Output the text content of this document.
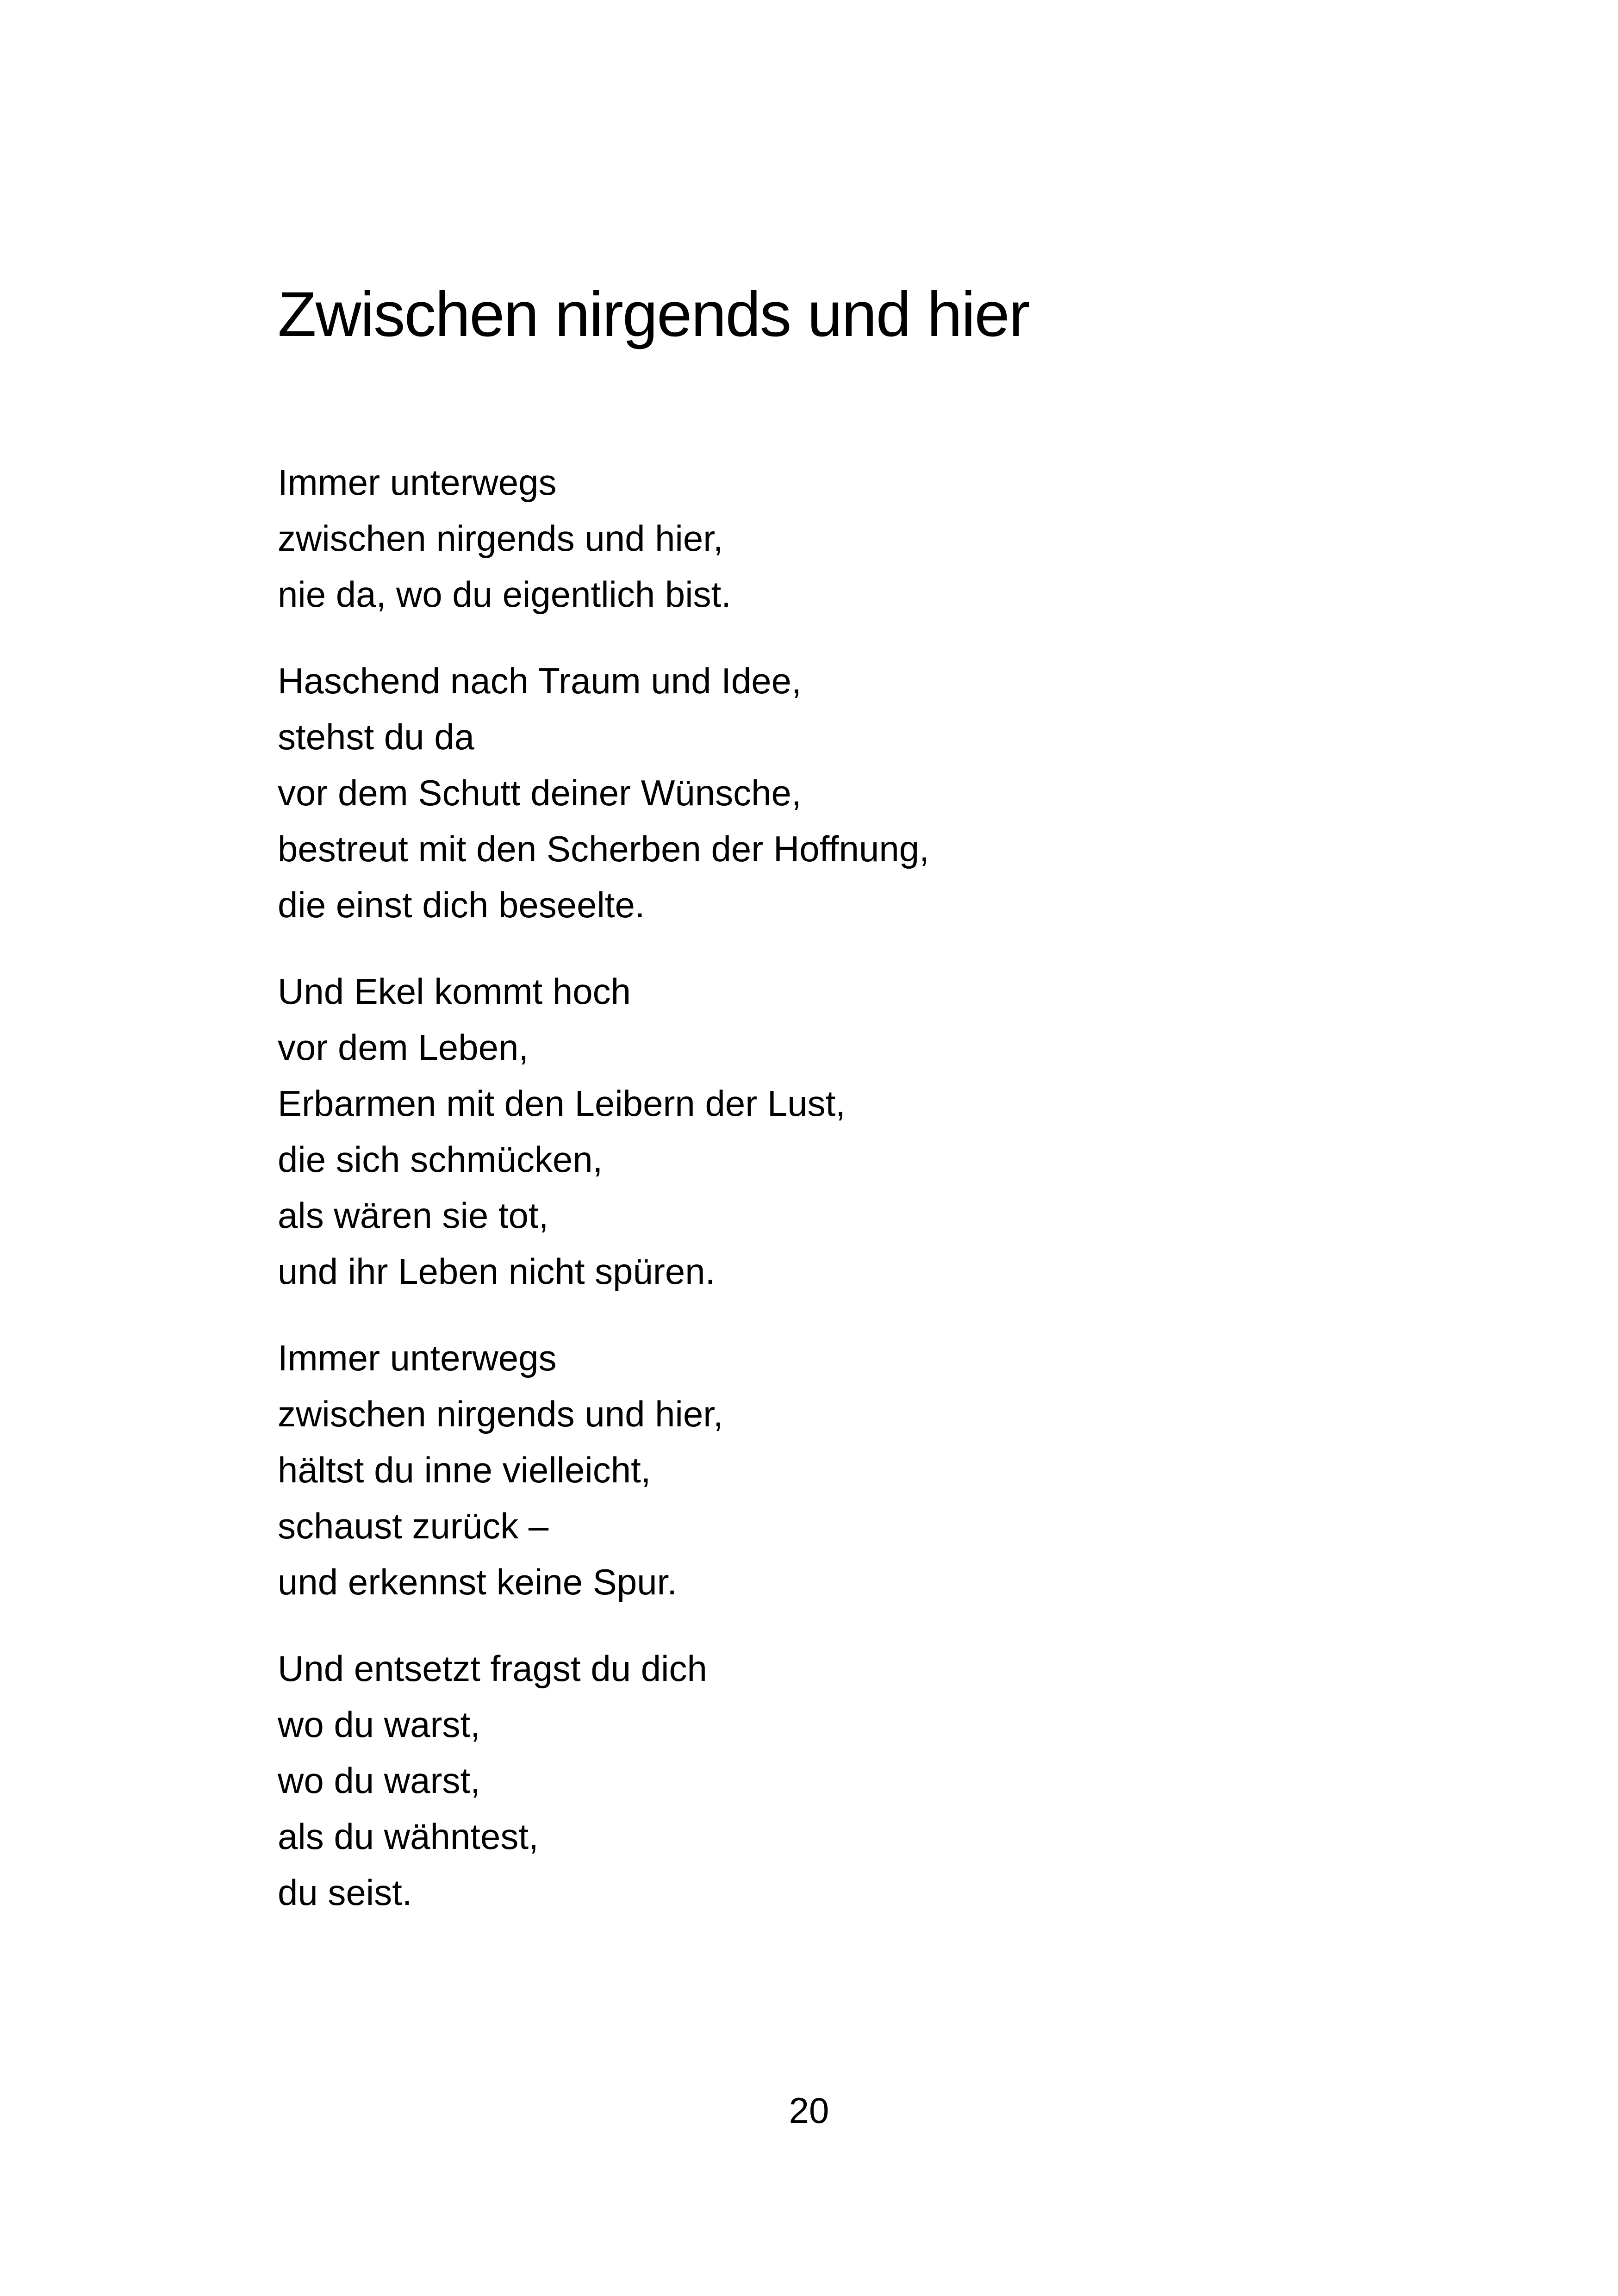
Zwischen nirgends und hier
Immer unterwegs
zwischen nirgends und hier,
nie da, wo du eigentlich bist.
Haschend nach Traum und Idee,
stehst du da
vor dem Schutt deiner Wünsche,
bestreut mit den Scherben der Hoffnung,
die einst dich beseelte.
Und Ekel kommt hoch
vor dem Leben,
Erbarmen mit den Leibern der Lust,
die sich schmücken,
als wären sie tot,
und ihr Leben nicht spüren.
Immer unterwegs
zwischen nirgends und hier,
hältst du inne vielleicht,
schaust zurück –
und erkennst keine Spur.
Und entsetzt fragst du dich
wo du warst,
wo du warst,
als du wähntest,
du seist.
20
